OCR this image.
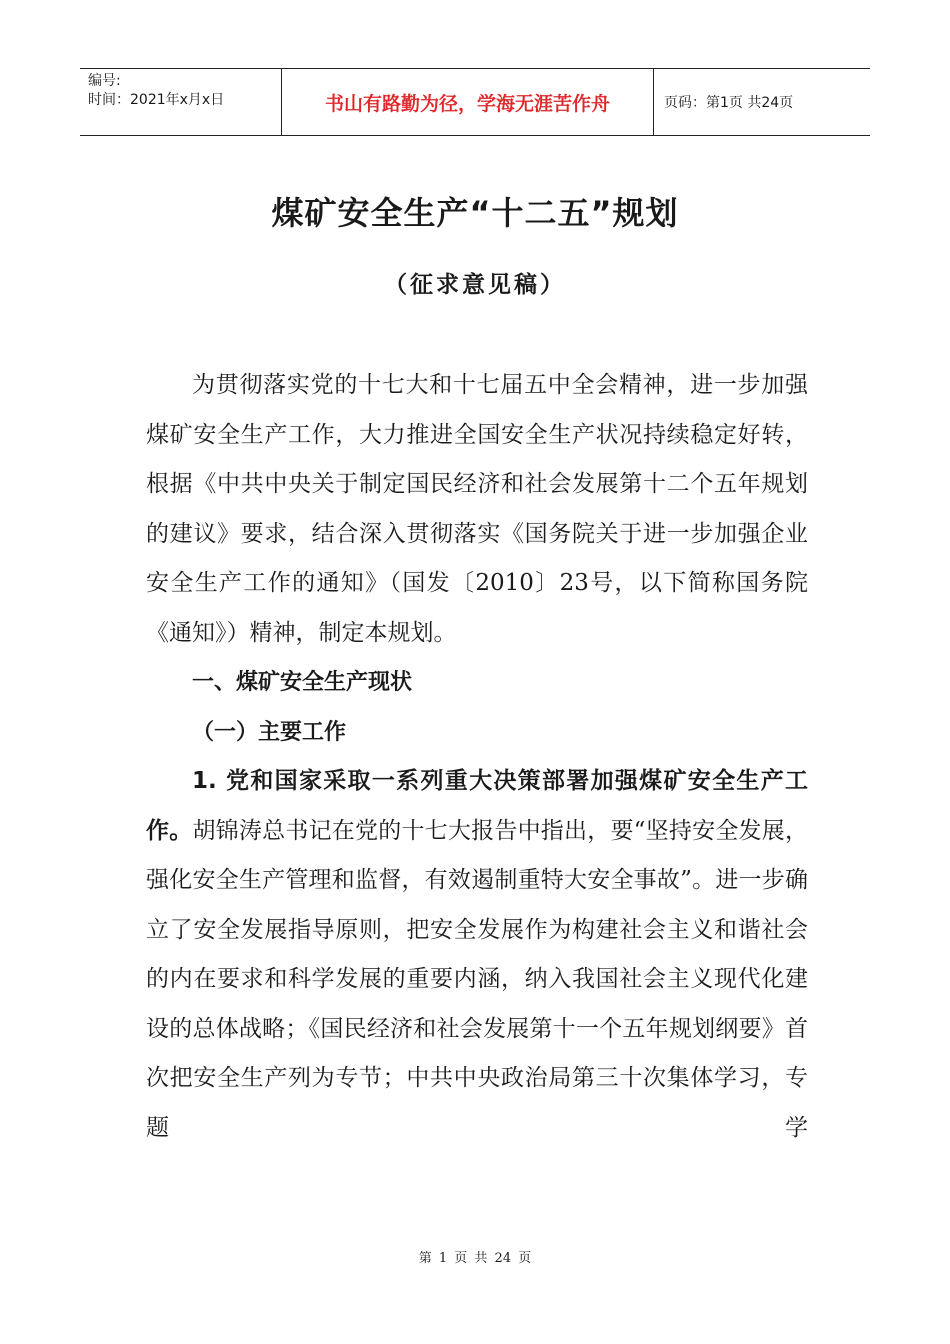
编号:
时间：2021年x月x日	书山有路勤为径，学海无涯苦作舟	页码：第1页 共24页
煤矿安全生产“十二五”规划
（征求意见稿）

为贯彻落实党的十七大和十七届五中全会精神，进一步加强煤矿安全生产工作，大力推进全国安全生产状况持续稳定好转，根据《中共中央关于制定国民经济和社会发展第十二个五年规划的建议》要求，结合深入贯彻落实《国务院关于进一步加强企业安全生产工作的通知》（国发〔2010〕23号，以下简称国务院《通知》）精神，制定本规划。

一、煤矿安全生产现状

（一）主要工作

1. 党和国家采取一系列重大决策部署加强煤矿安全生产工作。胡锦涛总书记在党的十七大报告中指出，要“坚持安全发展，强化安全生产管理和监督，有效遏制重特大安全事故”。进一步确立了安全发展指导原则，把安全发展作为构建社会主义和谐社会的内在要求和科学发展的重要内涵，纳入我国社会主义现代化建设的总体战略；《国民经济和社会发展第十一个五年规划纲要》首次把安全生产列为专节；中共中央政治局第三十次集体学习，专题学

第 1 页 共 24 页
